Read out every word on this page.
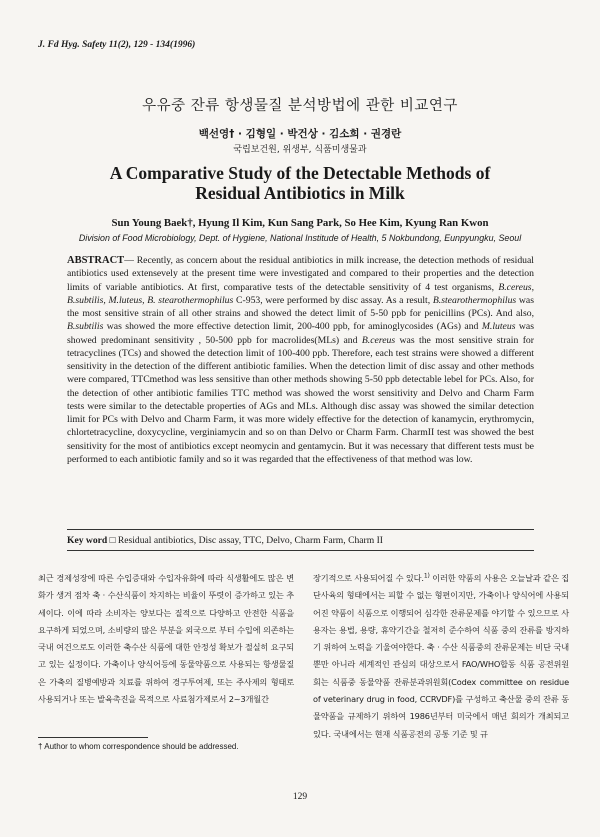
J. Fd Hyg. Safety 11(2), 129 - 134(1996)
우유중 잔류 항생물질 분석방법에 관한 비교연구
백선영† · 김형일 · 박건상 · 김소희 · 권경란
국립보건원, 위생부, 식품미생물과
A Comparative Study of the Detectable Methods of
Residual Antibiotics in Milk
Sun Young Baek†, Hyung Il Kim, Kun Sang Park, So Hee Kim, Kyung Ran Kwon
Division of Food Microbiology, Dept. of Hygiene, National Institude of Health, 5 Nokbundong, Eunpyungku, Seoul
ABSTRACT— Recently, as concern about the residual antibiotics in milk increase, the detection methods of residual antibiotics used extensevely at the present time were investigated and compared to their properties and the detection limits of variable antibiotics. At first, comparative tests of the detectable sensitivity of 4 test organisms, B.cereus, B.subtilis, M.luteus, B. stearothermophilus C-953, were performed by disc assay. As a result, B.stearothermophilus was the most sensitive strain of all other strains and showed the detect limit of 5-50 ppb for penicillins (PCs). And also, B.subtilis was showed the more effective detection limit, 200-400 ppb, for aminoglycosides (AGs) and M.luteus was showed predominant sensitivity , 50-500 ppb for macrolides(MLs) and B.cereus was the most sensitive strain for tetracyclines (TCs) and showed the detection limit of 100-400 ppb. Therefore, each test strains were showed a different sensitivity in the detection of the different antibiotic families. When the detection limit of disc assay and other methods were compared, TTCmethod was less sensitive than other methods showing 5-50 ppb detectable lebel for PCs. Also, for the detection of other antibiotic families TTC method was showed the worst sensitivity and Delvo and Charm Farm tests were similar to the detectable properties of AGs and MLs. Although disc assay was showed the similar detection limit for PCs with Delvo and Charm Farm, it was more widely effective for the detection of kanamycin, erythromycin, chlortetracycline, doxycycline, verginiamycin and so on than Delvo or Charm Farm. CharmII test was showed the best sensitivity for the most of antibiotics except neomycin and gentamycin. But it was necessary that different tests must be performed to each antibiotic family and so it was regarded that the effectiveness of that method was low.
Key word □ Residual antibiotics, Disc assay, TTC, Delvo, Charm Farm, Charm II
최근 경제성장에 따른 수입증대와 수입자유화에 따라 식생활에도 많은 변화가 생겨 점차 축 · 수산식품이 차지하는 비율이 뚜렷이 증가하고 있는 추세이다. 이에 따라 소비자는 양보다는 질적으로 다양하고 안전한 식품을 요구하게 되었으며, 소비량의 많은 부분을 외국으로 부터 수입에 의존하는 국내 여건으로도 이러한 축수산 식품에 대한 안정성 확보가 절실히 요구되고 있는 실정이다. 가축이나 양식어등에 동물약품으로 사용되는 항생물질은 가축의 질병예방과 치료를 위하여 경구투여제, 또는 주사제의 형태로 사용되거나 또는 발육촉진을 목적으로 사료첨가제로서 2~3개월간
장기적으로 사용되어질 수 있다.$^{1)}$ 이러한 약품의 사용은 오늘날과 같은 집단사육의 형태에서는 피할 수 없는 형편이지만, 가축이나 양식어에 사용되어진 약품이 식품으로 이행되어 심각한 잔류문제를 야기할 수 있으므로 사용자는 용법, 용량, 휴약기간을 철저히 준수하여 식품 중의 잔류를 방지하기 위하여 노력을 기울여야한다. 축 · 수산 식품중의 잔류문제는 비단 국내뿐만 아니라 세계적인 관심의 대상으로서 FAO/WHO합동 식품 공전위원회는 식품중 동물약품 잔류분과위원회(Codex committee on residue of veterinary drug in food, CCRVDF)를 구성하고 축산물 중의 잔류 동물약품을 규제하기 위하여 1986년부터 미국에서 매년 회의가 개최되고 있다. 국내에서는 현재 식품공전의 공통 기준 및 규
† Author to whom correspondence should be addressed.
129
